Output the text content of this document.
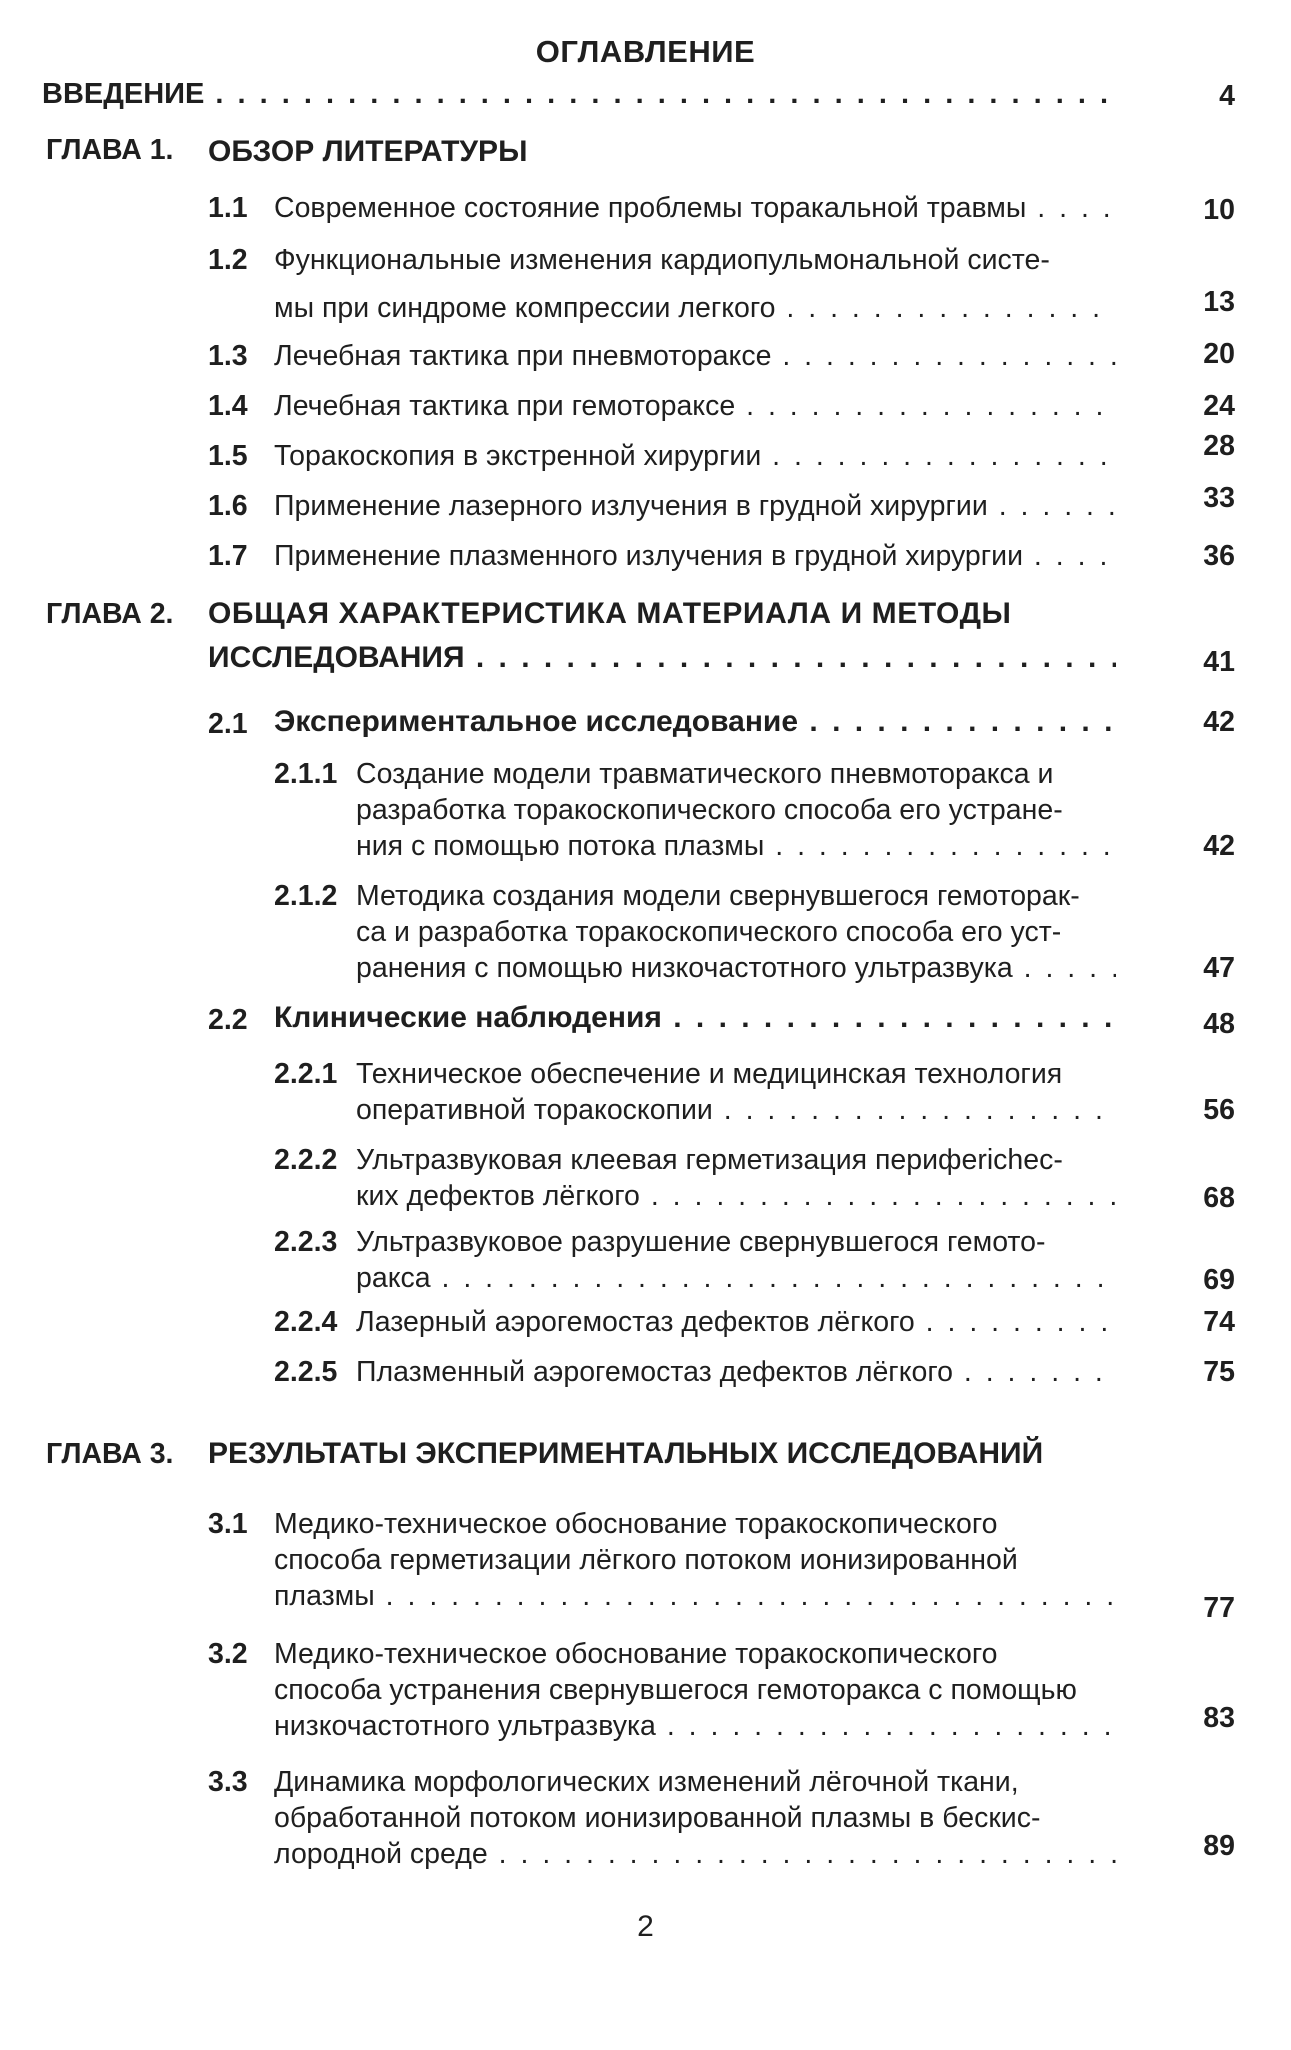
ОГЛАВЛЕНИЕ
ВВЕДЕНИЕ . . .	4
ГЛАВА 1. ОБЗОР ЛИТЕРАТУРЫ
1.1 Современное состояние проблемы торакальной травмы . . .	10
1.2 Функциональные изменения кардиопульмональной систе-
мы при синдроме компрессии легкого . . .	13
1.3 Лечебная тактика при пневмотораксе . . .	20
1.4 Лечебная тактика при гемотораксе . . .	24
1.5 Торакоскопия в экстренной хирургии . . .	28
1.6 Применение лазерного излучения в грудной хирургии . . .	33
1.7 Применение плазменного излучения в грудной хирургии . . .	36
ГЛАВА 2. ОБЩАЯ ХАРАКТЕРИСТИКА МАТЕРИАЛА И МЕТОДЫ
ИССЛЕДОВАНИЯ . . .	41
2.1 Экспериментальное исследование . . .	42
2.1.1 Создание модели травматического пневмоторакса и
разработка торакоскопического способа его устране-
ния с помощью потока плазмы . . .	42
2.1.2 Методика создания модели свернувшегося гемоторак-
са и разработка торакоскопического способа его уст-
ранения с помощью низкочастотного ультразвука . . .	47
2.2 Клинические наблюдения . . .	48
2.2.1 Техническое обеспечение и медицинская технология
оперативной торакоскопии . . .	56
2.2.2 Ультразвуковая клеевая герметизация перифericheс-
ких дефектов лёгкого . . .	68
2.2.3 Ультразвуковое разрушение свернувшегося гемото-
ракса . . .	69
2.2.4 Лазерный аэрогемостаз дефектов лёгкого . . .	74
2.2.5 Плазменный аэрогемостаз дефектов лёгкого . . .	75
ГЛАВА 3. РЕЗУЛЬТАТЫ ЭКСПЕРИМЕНТАЛЬНЫХ ИССЛЕДОВАНИЙ
3.1 Медико-техническое обоснование торакоскопического
способа герметизации лёгкого потоком ионизированной
плазмы . . .	77
3.2 Медико-техническое обоснование торакоскопического
способа устранения свернувшегося гемоторакса с помощью
низкочастотного ультразвука . . .	83
3.3 Динамика морфологических изменений лёгочной ткани,
обработанной потоком ионизированной плазмы в бескис-
лородной среде . . .	89
2
